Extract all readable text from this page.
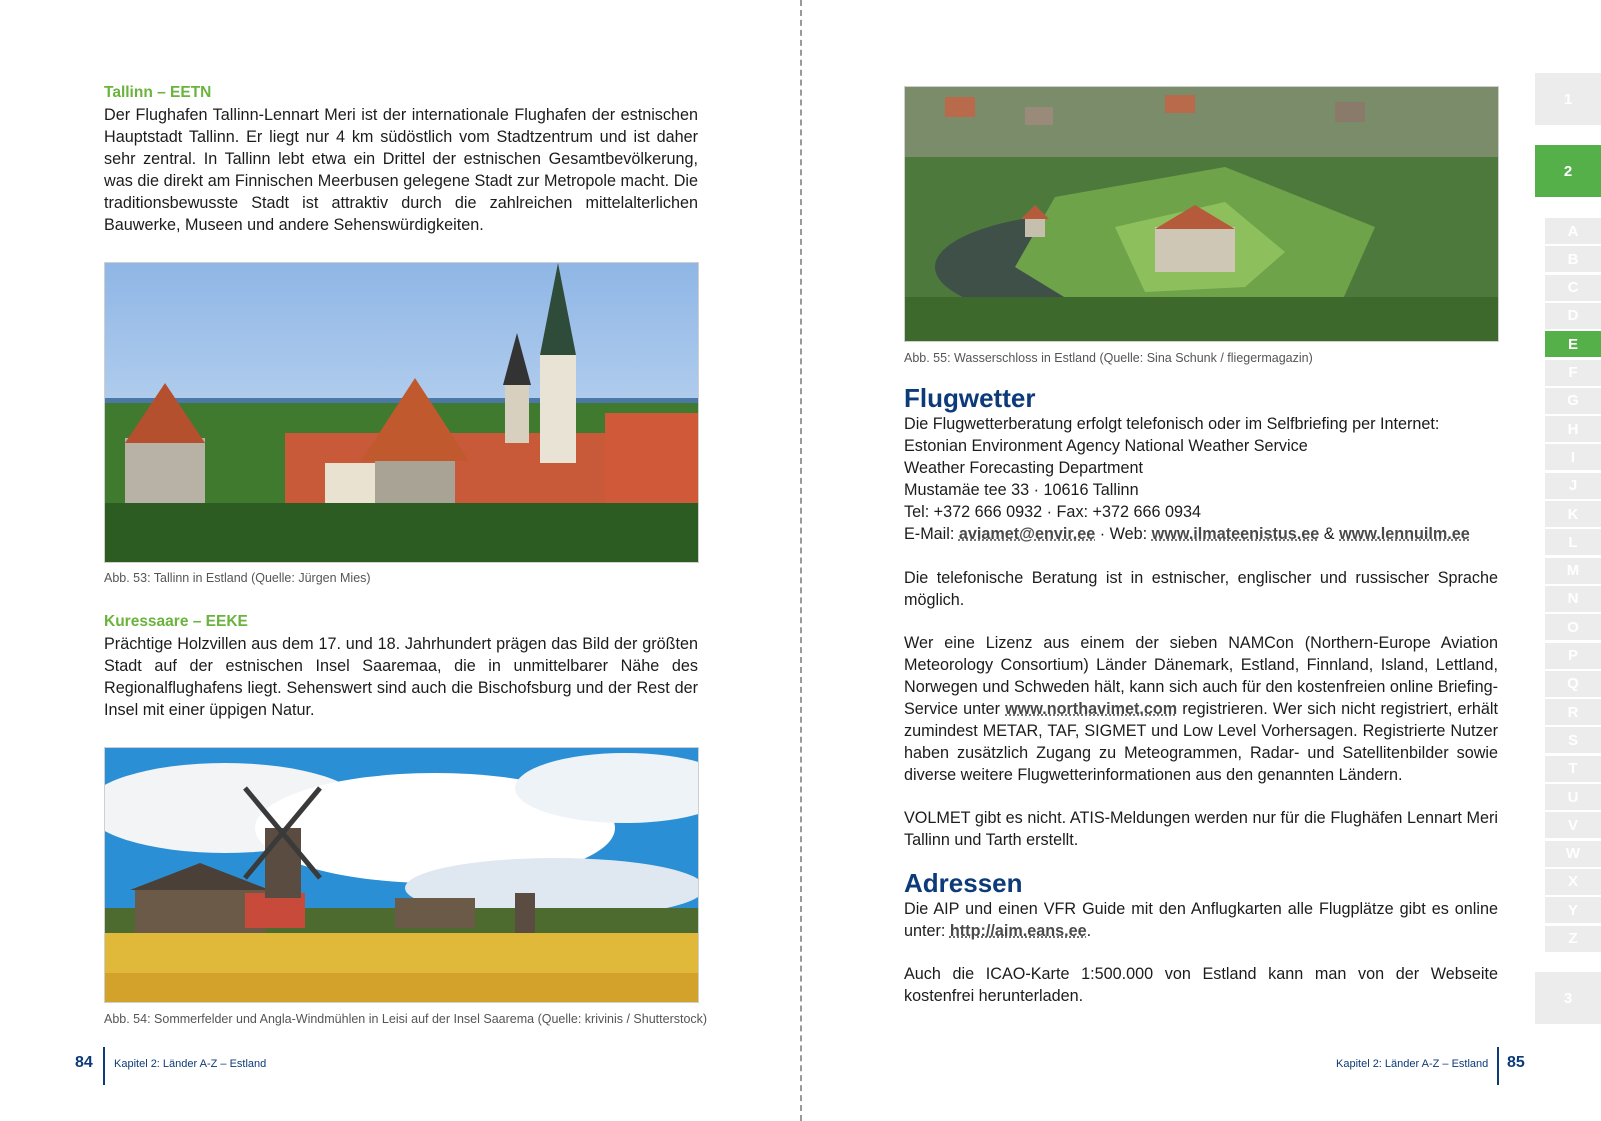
Tallinn – EETN

Der Flughafen Tallinn-Lennart Meri ist der internationale Flughafen der estnischen Hauptstadt Tallinn. Er liegt nur 4 km südöstlich vom Stadtzentrum und ist daher sehr zentral. In Tallinn lebt etwa ein Drittel der estnischen Gesamtbevölkerung, was die direkt am Finnischen Meerbusen gelegene Stadt zur Metropole macht. Die traditionsbewusste Stadt ist attraktiv durch die zahlreichen mittelalterlichen Bauwerke, Museen und andere Sehenswürdigkeiten.

Abb. 53: Tallinn in Estland (Quelle: Jürgen Mies)
Kuressaare – EEKE

Prächtige Holzvillen aus dem 17. und 18. Jahrhundert prägen das Bild der größten Stadt auf der estnischen Insel Saaremaa, die in unmittelbarer Nähe des Regionalflughafens liegt. Sehenswert sind auch die Bischofsburg und der Rest der Insel mit einer üppigen Natur.

Abb. 54: Sommerfelder und Angla-Windmühlen in Leisi auf der Insel Saarema (Quelle: krivinis / Shutterstock)
84 Kapitel 2: Länder A-Z – Estland
Abb. 55: Wasserschloss in Estland (Quelle: Sina Schunk / fliegermagazin)
Flugwetter
Die Flugwetterberatung erfolgt telefonisch oder im Selfbriefing per Internet:
Estonian Environment Agency National Weather Service
Weather Forecasting Department
Mustamäe tee 33 · 10616 Tallinn
Tel: +372 666 0932 · Fax: +372 666 0934
E-Mail: aviamet@envir.ee · Web: www.ilmateenistus.ee & www.lennuilm.ee

Die telefonische Beratung ist in estnischer, englischer und russischer Sprache möglich.

Wer eine Lizenz aus einem der sieben NAMCon (Northern-Europe Aviation Meteorology Consortium) Länder Dänemark, Estland, Finnland, Island, Lettland, Norwegen und Schweden hält, kann sich auch für den kostenfreien online Briefing-Service unter www.northavimet.com registrieren. Wer sich nicht registriert, erhält zumindest METAR, TAF, SIGMET und Low Level Vorhersagen. Registrierte Nutzer haben zusätzlich Zugang zu Meteogrammen, Radar- und Satellitenbilder sowie diverse weitere Flugwetterinformationen aus den genannten Ländern.

VOLMET gibt es nicht. ATIS-Meldungen werden nur für die Flughäfen Lennart Meri Tallinn und Tarth erstellt.

Adressen

Die AIP und einen VFR Guide mit den Anflugkarten alle Flugplätze gibt es online unter: http://aim.eans.ee.

Auch die ICAO-Karte 1:500.000 von Estland kann man von der Webseite kostenfrei herunterladen.

Kapitel 2: Länder A-Z – Estland 85
1
2
A
B
C
D
E
F
G
H
I
J
K
L
M
N
O
P
Q
R
S
T
U
V
W
X
Y
Z
3
